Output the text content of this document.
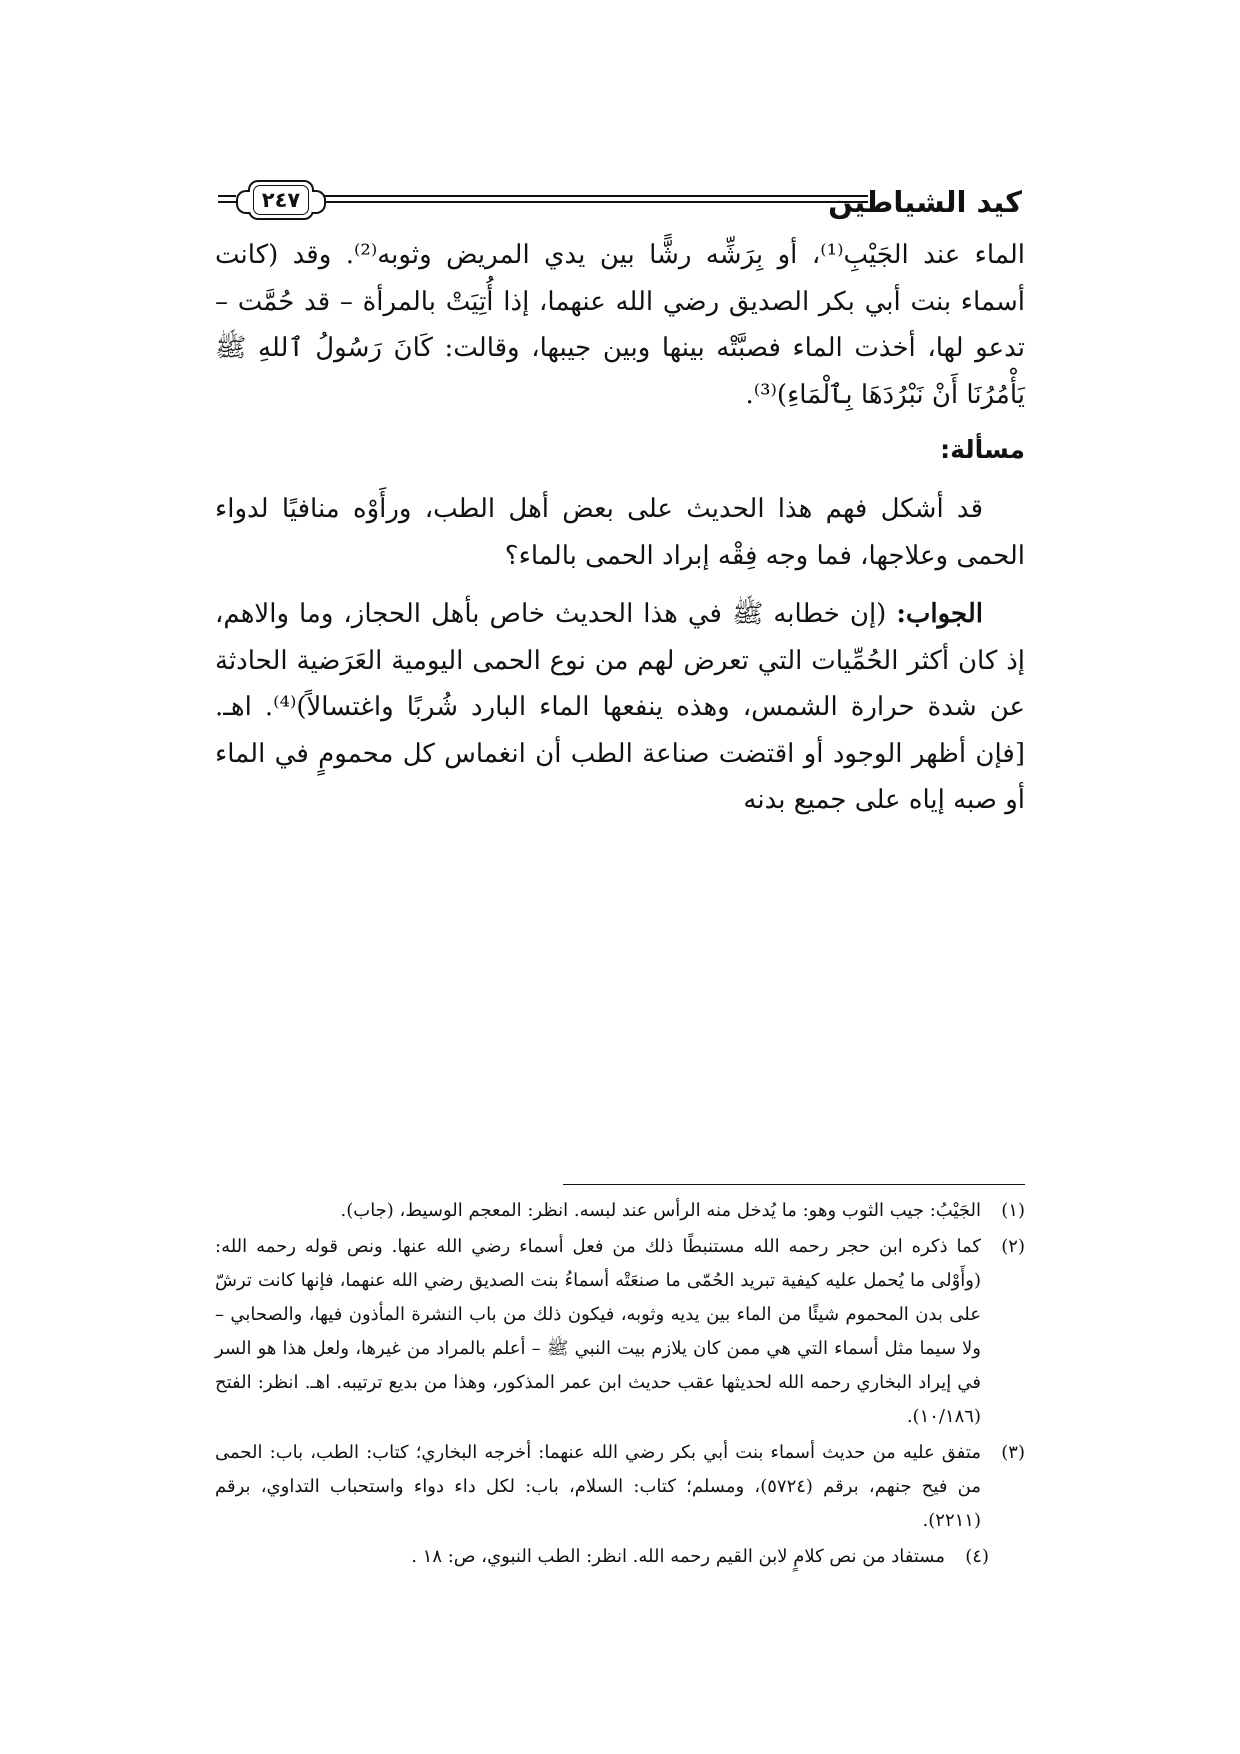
كيد الشياطين
٢٤٧

الماء عند الجَيْبِ⁽¹⁾، أو بِرَشِّه رشًّا بين يدي المريض وثوبه⁽²⁾. وقد (كانت أسماء بنت أبي بكر الصديق رضي الله عنهما، إذا أُتِيَتْ بالمرأة – قد حُمَّت – تدعو لها، أخذت الماء فصبَّتْه بينها وبين جيبها، وقالت: كَانَ رَسُولُ ٱللهِ ﷺ يَأْمُرُنَا أَنْ نَبْرُدَهَا بِٱلْمَاءِ)⁽³⁾.

مسألة:

قد أشكل فهم هذا الحديث على بعض أهل الطب، ورأَوْه منافيًا لدواء الحمى وعلاجها، فما وجه فِقْه إبراد الحمى بالماء؟

الجواب: (إن خطابه ﷺ في هذا الحديث خاص بأهل الحجاز، وما والاهم، إذ كان أكثر الحُمِّيات التي تعرض لهم من نوع الحمى اليومية العَرَضية الحادثة عن شدة حرارة الشمس، وهذه ينفعها الماء البارد شُربًا واغتسالاً)⁽⁴⁾. اهـ. [فإن أظهر الوجود أو اقتضت صناعة الطب أن انغماس كل محمومٍ في الماء أو صبه إياه على جميع بدنه

(١)
الجَيْبُ: جيب الثوب وهو: ما يُدخل منه الرأس عند لبسه. انظر: المعجم الوسيط، (جاب).

(٢)
كما ذكره ابن حجر رحمه الله مستنبطًا ذلك من فعل أسماء رضي الله عنها. ونص قوله رحمه الله: (وأَوْلى ما يُحمل عليه كيفية تبريد الحُمّى ما صنعَتْه أسماءُ بنت الصديق رضي الله عنهما، فإنها كانت ترشّ على بدن المحموم شيئًا من الماء بين يديه وثوبه، فيكون ذلك من باب النشرة المأذون فيها، والصحابي – ولا سيما مثل أسماء التي هي ممن كان يلازم بيت النبي ﷺ – أعلم بالمراد من غيرها، ولعل هذا هو السر في إيراد البخاري رحمه الله لحديثها عقب حديث ابن عمر المذكور، وهذا من بديع ترتيبه. اهـ. انظر: الفتح (١٠/١٨٦).

(٣)
متفق عليه من حديث أسماء بنت أبي بكر رضي الله عنهما: أخرجه البخاري؛ كتاب: الطب، باب: الحمى من فيح جنهم، برقم (٥٧٢٤)، ومسلم؛ كتاب: السلام، باب: لكل داء دواء واستحباب التداوي، برقم (٢٢١١).

(٤)
مستفاد من نص كلامٍ لابن القيم رحمه الله. انظر: الطب النبوي، ص: ١٨ .
